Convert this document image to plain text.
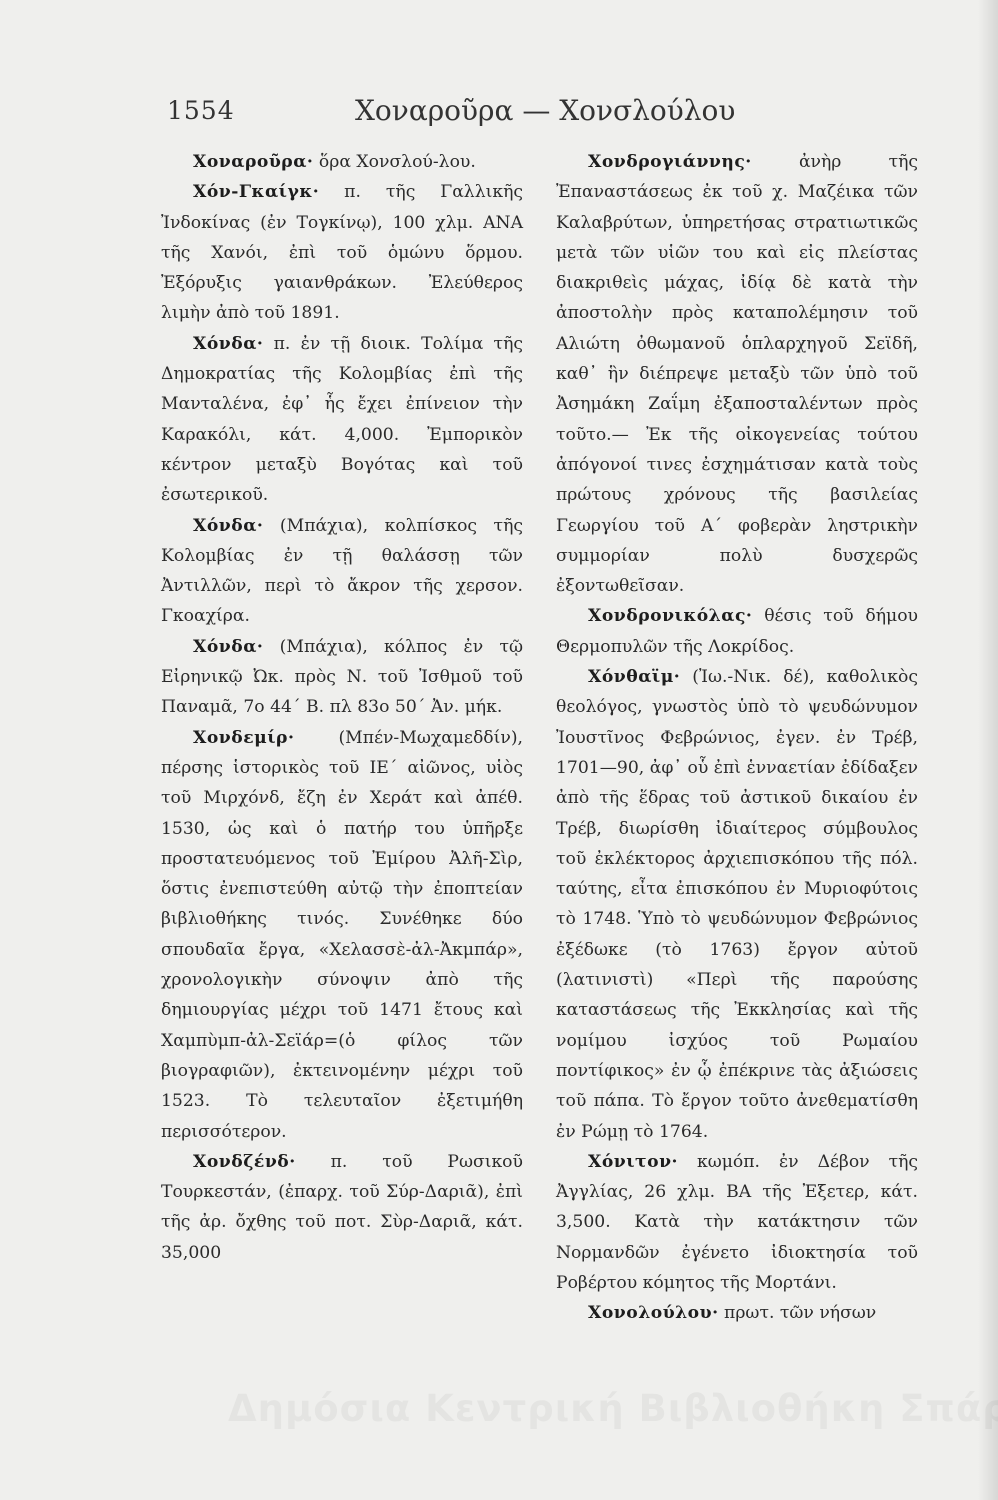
1554	Χοναροῦρα — Χονσλούλου

Χοναροῦρα· ὅρα Χονσλού-λου.

Χόν-Γκαίγκ· π. τῆς Γαλλικῆς Ἰνδοκίνας (ἐν Τογκίνῳ), 100 χλμ. ΑΝΑ τῆς Χανόι, ἐπὶ τοῦ ὁμώνυ ὅρμου. Ἐξόρυξις γαιανθράκων. Ἐλεύθερος λιμὴν ἀπὸ τοῦ 1891.

Χόνδα· π. ἐν τῇ διοικ. Τολίμα τῆς Δημοκρατίας τῆς Κολομβίας ἐπὶ τῆς Μανταλένα, ἐφ᾽ ἧς ἔχει ἐπίνειον τὴν Καρακόλι, κάτ. 4,000. Ἐμπορικὸν κέντρον μεταξὺ Βογότας καὶ τοῦ ἐσωτερικοῦ.

Χόνδα· (Μπάχια), κολπίσκος τῆς Κολομβίας ἐν τῇ θαλάσσῃ τῶν Ἀντιλλῶν, περὶ τὸ ἄκρον τῆς χερσον. Γκοαχίρα.

Χόνδα· (Μπάχια), κόλπος ἐν τῷ Εἰρηνικῷ Ὠκ. πρὸς Ν. τοῦ Ἰσθμοῦ τοῦ Παναμᾶ, 7ο 44΄ Β. πλ 83ο 50΄ Ἀν. μήκ.

Χονδεμίρ·	(Μπέν-Μωχαμεδδίν), πέρσης ἱστορικὸς τοῦ ΙΕ΄ αἰῶνος, υἱὸς τοῦ Μιρχόνδ, ἔζη ἐν Χεράτ καὶ ἀπέθ. 1530, ὡς καὶ ὁ πατήρ του ὑπῆρξε προστατευόμενος τοῦ Ἐμίρου Ἀλῆ-Σὶρ, ὅστις ἐνεπιστεύθη αὐτῷ τὴν ἐποπτείαν βιβλιοθήκης τινός. Συνέθηκε δύο σπουδαῖα ἔργα, «Χελασσὲ-ἀλ-Ἀκμπάρ», χρονολογικὴν σύνοψιν ἀπὸ τῆς δημιουργίας μέχρι τοῦ 1471 ἔτους καὶ Χαμπὺμπ-ἀλ-Σεϊάρ=(ὁ φίλος τῶν βιογραφιῶν), ἐκτεινομένην μέχρι τοῦ 1523. Τὸ τελευταῖον ἐξετιμήθη περισσότερον.

Χονδζένδ· π. τοῦ Ρωσικοῦ Τουρκεστάν, (ἐπαρχ. τοῦ Σύρ-Δαριᾶ), ἐπὶ τῆς ἀρ. ὄχθης τοῦ ποτ. Σὺρ-Δαριᾶ, κάτ. 35,000

Χονδρογιάννης·	ἀνὴρ τῆς Ἐπαναστάσεως ἐκ τοῦ χ. Μαζέικα τῶν Καλαβρύτων, ὑπηρετήσας στρατιωτικῶς μετὰ τῶν υἱῶν του καὶ εἰς πλείστας διακριθεὶς μάχας, ἰδίᾳ δὲ κατὰ τὴν ἀποστολὴν πρὸς καταπολέμησιν τοῦ Αλιώτη ὀθωμανοῦ ὁπλαρχηγοῦ Σεϊδῆ, καθ᾽ ἣν διέπρεψε μεταξὺ τῶν ὑπὸ τοῦ Ἀσημάκη Ζαΐμη ἐξαποσταλέντων πρὸς τοῦτο.— Ἐκ τῆς οἰκογενείας τούτου ἀπόγονοί τινες ἐσχημάτισαν κατὰ τοὺς πρώτους χρόνους τῆς βασιλείας Γεωργίου τοῦ Α΄ φοβερὰν ληστρικὴν συμμορίαν πολὺ δυσχερῶς ἐξοντωθεῖσαν.

Χονδρονικόλας· θέσις τοῦ δήμου Θερμοπυλῶν τῆς Λοκρίδος.

Χόνθαϊμ· (Ἰω.-Νικ. δέ), καθολικὸς θεολόγος, γνωστὸς ὑπὸ τὸ ψευδώνυμον Ἰουστῖνος Φεβρώνιος, ἐγεν. ἐν Τρέβ, 1701—90, ἀφ᾽ οὗ ἐπὶ ἑνναετίαν ἐδίδαξεν ἀπὸ τῆς ἕδρας τοῦ ἀστικοῦ δικαίου ἐν Τρέβ, διωρίσθη ἰδιαίτερος σύμβουλος τοῦ ἐκλέκτορος ἀρχιεπισκόπου τῆς πόλ. ταύτης, εἶτα ἐπισκόπου ἐν Μυριοφύτοις τὸ 1748. Ὑπὸ τὸ ψευδώνυμον Φεβρώνιος ἐξέδωκε (τὸ 1763) ἔργον αὐτοῦ (λατινιστὶ) «Περὶ τῆς παρούσης καταστάσεως τῆς Ἐκκλησίας καὶ τῆς νομίμου ἰσχύος τοῦ Ρωμαίου ποντίφικος» ἐν ᾧ ἐπέκρινε τὰς ἀξιώσεις τοῦ πάπα. Τὸ ἔργον τοῦτο ἀνεθεματίσθη ἐν Ρώμῃ τὸ 1764.

Χόνιτον· κωμόπ. ἐν Δέβον τῆς Ἀγγλίας, 26 χλμ. ΒΑ τῆς Ἐξετερ, κάτ. 3,500. Κατὰ τὴν κατάκτησιν τῶν Νορμανδῶν ἐγένετο ἰδιοκτησία τοῦ Ροβέρτου κόμητος τῆς Μορτάνι.

Χονολούλου· πρωτ. τῶν νήσων
